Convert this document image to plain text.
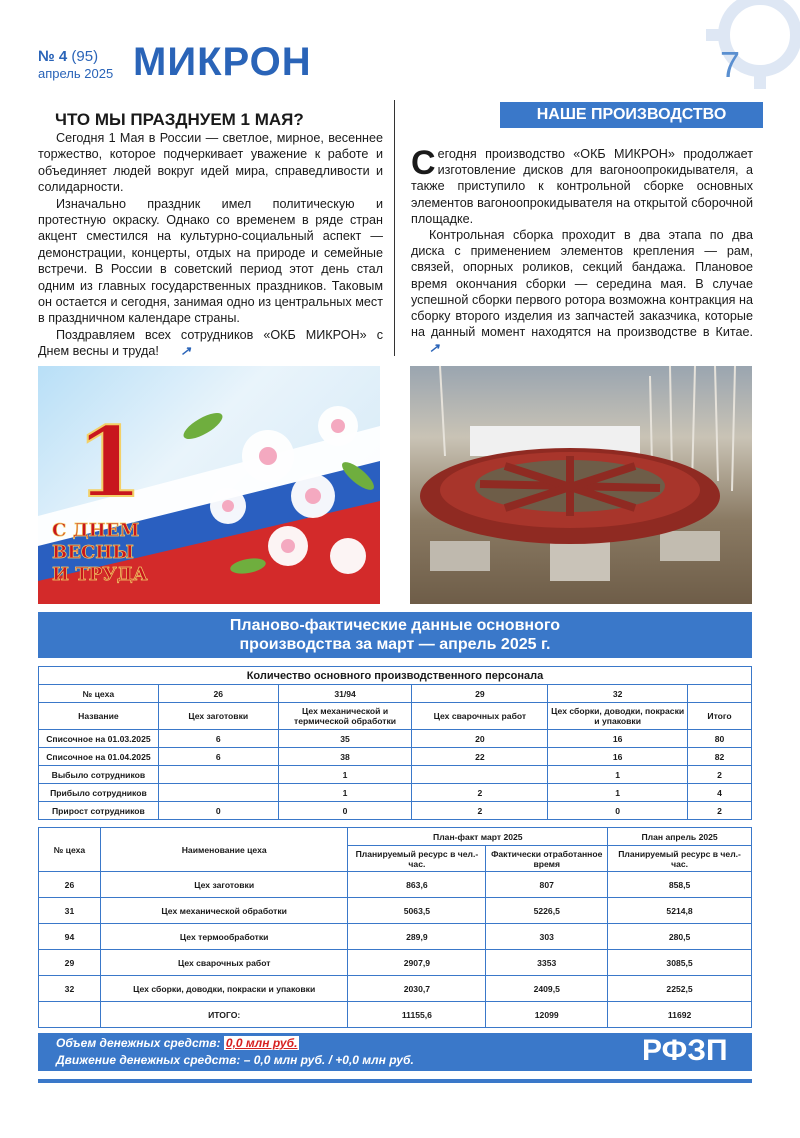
№ 4 (95)
апрель 2025 МИКРОН	7
ЧТО МЫ ПРАЗДНУЕМ 1 МАЯ?

Сегодня 1 Мая в России — светлое, мирное, весеннее торжество, которое подчеркивает уважение к работе и объединяет людей вокруг идей мира, справедливости и солидарности.

Изначально праздник имел политическую и протестную окраску. Однако со временем в ряде стран акцент сместился на культурно-социальный аспект — демонстрации, концерты, отдых на природе и семейные встречи. В России в советский период этот день стал одним из главных государственных праздников. Таковым он остается и сегодня, занимая одно из центральных мест в праздничном календаре страны.

Поздравляем всех сотрудников «ОКБ МИКРОН» с Днем весны и труда! ↗

НАШЕ ПРОИЗВОДСТВО

Сегодня производство «ОКБ МИКРОН» продолжает изготовление дисков для вагоноопрокидывателя, а также приступило к контрольной сборке основных элементов вагоноопрокидывателя на открытой сборочной площадке.

Контрольная сборка проходит в два этапа по два диска с применением элементов крепления — рам, связей, опорных роликов, секций бандажа. Плановое время окончания сборки — середина мая. В случае успешной сборки первого ротора возможна контракция на сборку второго изделия из запчастей заказчика, которые на данный момент находятся на производстве в Китае. ↗

1
С ДНЕМ ВЕСНЫ И ТРУДА
Планово-фактические данные основного
производства за март — апрель 2025 г.
Количество основного производственного персонала					
№ цеха	26	31/94	29	32	
Название	Цех заготовки	Цех механической и термической обработки	Цех сварочных работ	Цех сборки, доводки, покраски и упаковки	Итого
Списочное на 01.03.2025	6	35	20	16	80
Списочное на 01.04.2025	6	38	22	16	82
Выбыло сотрудников		1		1	2
Прибыло сотрудников		1	2	1	4
Прирост сотрудников	0	0	2	0	2
№ цеха	Наименование цеха	План-факт март 2025		План апрель 2025
		Планируемый ресурс в чел.-час.	Фактически отработанное время	Планируемый ресурс в чел.-час.
26	Цех заготовки	863,6	807	858,5
31	Цех механической обработки	5063,5	5226,5	5214,8
94	Цех термообработки	289,9	303	280,5
29	Цех сварочных работ	2907,9	3353	3085,5
32	Цех сборки, доводки, покраски и упаковки	2030,7	2409,5	2252,5
	ИТОГО:	11155,6	12099	11692
Объем денежных средств: 0,0 млн руб.
Движение денежных средств: – 0,0 млн руб. / +0,0 млн руб.	РФЗП
